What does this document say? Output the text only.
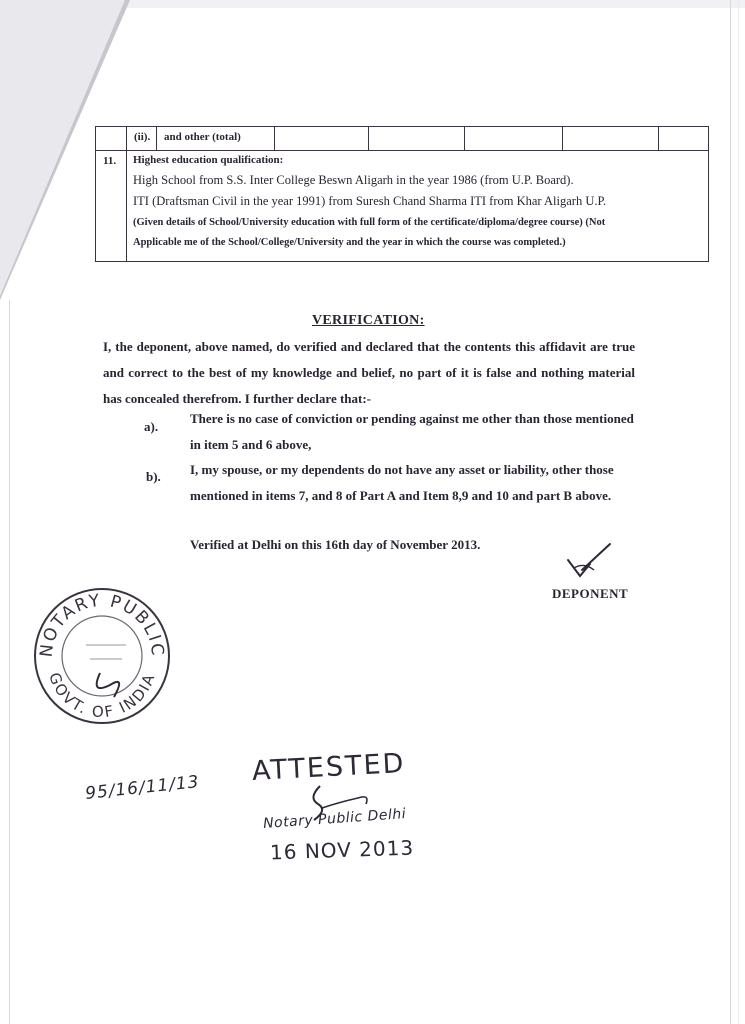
(ii). and other (total)
11. Highest education qualification:
High School from S.S. Inter College Beswn Aligarh in the year 1986 (from U.P. Board).
ITI (Draftsman Civil in the year 1991) from Suresh Chand Sharma ITI from Khar Aligarh U.P.
(Given details of School/University education with full form of the certificate/diploma/degree course) (Not
Applicable me of the School/College/University and the year in which the course was completed.)
VERIFICATION:
I, the deponent, above named, do verified and declared that the contents this affidavit are true and correct to the best of my knowledge and belief, no part of it is false and nothing material has concealed therefrom. I further declare that:-
a).
There is no case of conviction or pending against me other than those mentioned in item 5 and 6 above,
b). I, my spouse, or my dependents do not have any asset or liability, other those mentioned in items 7, and 8 of Part A and Item 8,9 and 10 and part B above.
Verified at Delhi on this 16th day of November 2013.
DEPONENT
NOTARY PUBLIC
GOVT. OF INDIA
95/16/11/13
ATTESTED
Notary Public Delhi
16 NOV 2013
